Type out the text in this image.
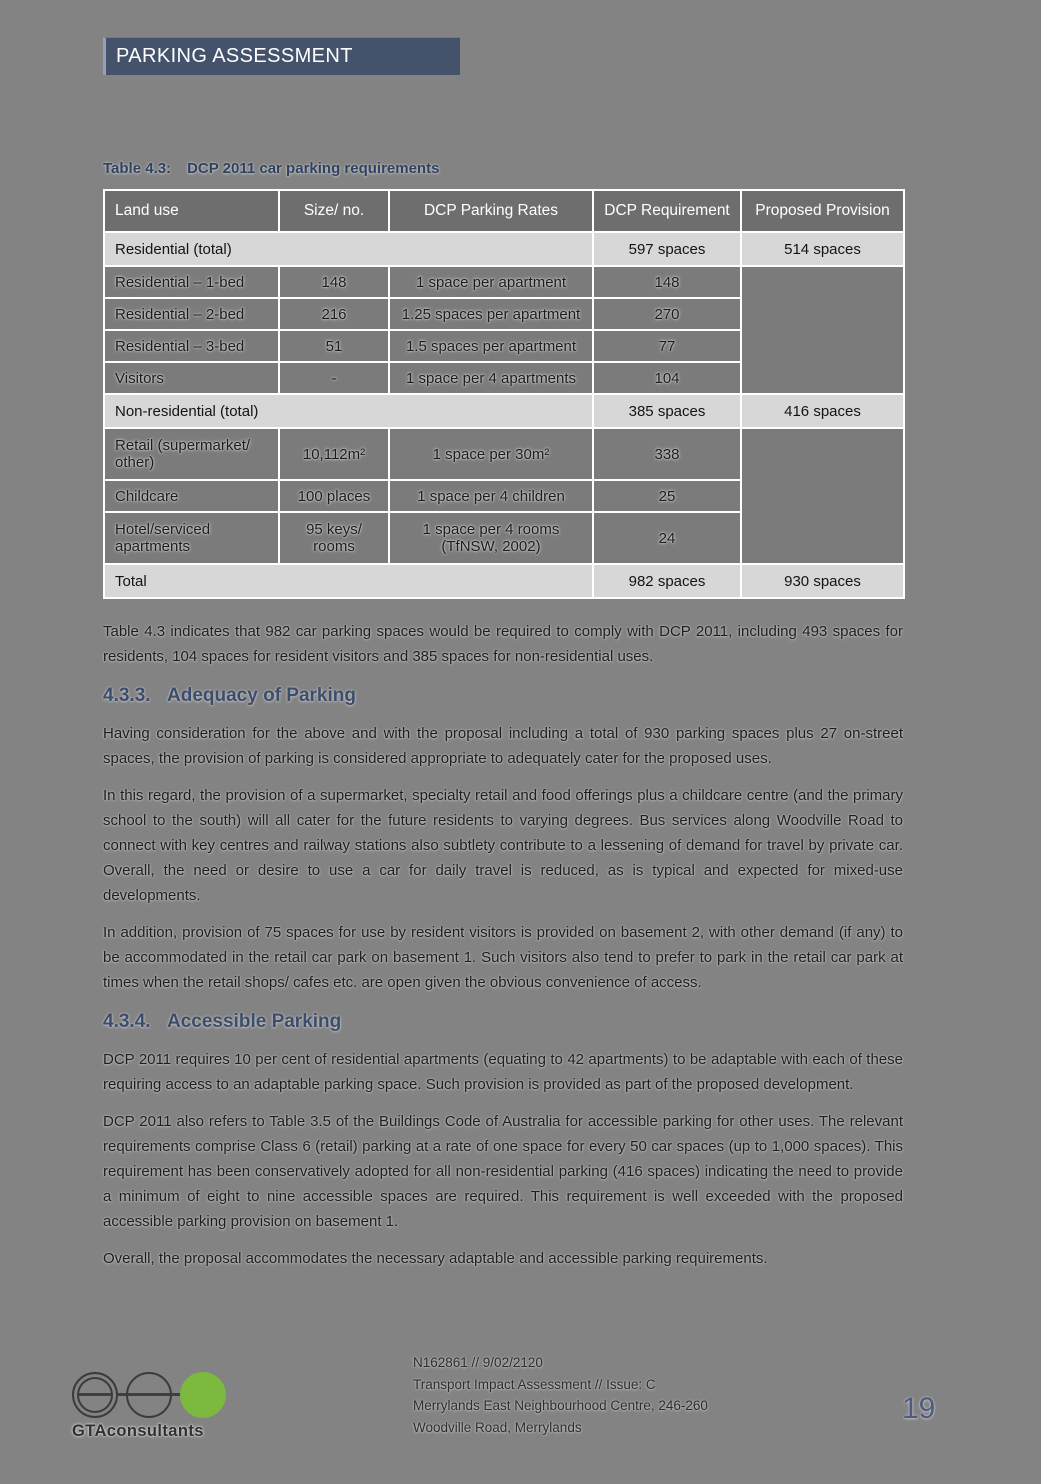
PARKING ASSESSMENT
Table 4.3: DCP 2011 car parking requirements
Land use	Size/ no.	DCP Parking Rates	DCP Requirement	Proposed Provision
Residential (total)			597 spaces	514 spaces
Residential – 1-bed	148	1 space per apartment	148	
Residential – 2-bed	216	1.25 spaces per apartment	270	
Residential – 3-bed	51	1.5 spaces per apartment	77	
Visitors	-	1 space per 4 apartments	104	
Non-residential (total)			385 spaces	416 spaces
Retail (supermarket/ other)	10,112m²	1 space per 30m²	338	
Childcare	100 places	1 space per 4 children	25	
Hotel/serviced apartments	95 keys/ rooms	1 space per 4 rooms (TfNSW, 2002)	24	
Total			982 spaces	930 spaces

Table 4.3 indicates that 982 car parking spaces would be required to comply with DCP 2011, including 493 spaces for residents, 104 spaces for resident visitors and 385 spaces for non-residential uses.

4.3.3. Adequacy of Parking

Having consideration for the above and with the proposal including a total of 930 parking spaces plus 27 on-street spaces, the provision of parking is considered appropriate to adequately cater for the proposed uses.

In this regard, the provision of a supermarket, specialty retail and food offerings plus a childcare centre (and the primary school to the south) will all cater for the future residents to varying degrees. Bus services along Woodville Road to connect with key centres and railway stations also subtlety contribute to a lessening of demand for travel by private car. Overall, the need or desire to use a car for daily travel is reduced, as is typical and expected for mixed-use developments.

In addition, provision of 75 spaces for use by resident visitors is provided on basement 2, with other demand (if any) to be accommodated in the retail car park on basement 1. Such visitors also tend to prefer to park in the retail car park at times when the retail shops/ cafes etc. are open given the obvious convenience of access.

4.3.4. Accessible Parking

DCP 2011 requires 10 per cent of residential apartments (equating to 42 apartments) to be adaptable with each of these requiring access to an adaptable parking space. Such provision is provided as part of the proposed development.

DCP 2011 also refers to Table 3.5 of the Buildings Code of Australia for accessible parking for other uses. The relevant requirements comprise Class 6 (retail) parking at a rate of one space for every 50 car spaces (up to 1,000 spaces). This requirement has been conservatively adopted for all non-residential parking (416 spaces) indicating the need to provide a minimum of eight to nine accessible spaces are required. This requirement is well exceeded with the proposed accessible parking provision on basement 1.

Overall, the proposal accommodates the necessary adaptable and accessible parking requirements.

GTAconsultants
N162861 // 9/02/2120
Transport Impact Assessment // Issue: C
Merrylands East Neighbourhood Centre, 246-260
Woodville Road, Merrylands
19
